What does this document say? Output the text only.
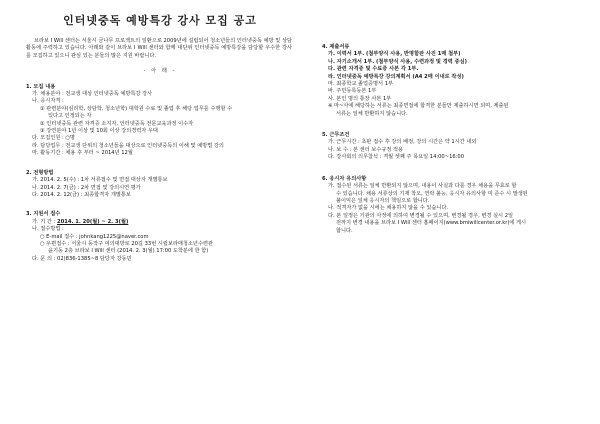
인터넷중독 예방특강 강사 모집 공고
브라보 I Will 센터는 서울시 금나무 프로젝트의 일환으로 2009년에 설립되어 청소년들의 인터넷중독 예방 및 상담 활동에 주력하고 있습니다. 아래와 같이 브라보 I Will 센터와 함께 대단위 인터넷중독 예방특강을 담당할 우수한 강사를 모집하고 있으니 관심 있는 분들의 많은 지원 바랍니다.
- 아 래 -
1. 모집 내용
가. 채용분야 : 전교생 대상 인터넷중독 예방특강 강사
나. 응시자격 :
① 관련분야(심리학, 상담학, 청소년학) 대학원 수료 및 졸업 후 해당 업무를 수행할 수
있다고 인정되는 자
② 인터넷중독 관련 자격증 소지자, 인터넷중독 전문교육과정 이수자
③ 강연분야 1년 이상 및 10회 이상 강의경력자 우대
다. 모집인원 : ○명
라. 담당업무 : 전교생 단위의 청소년들을 대상으로 인터넷중독의 이해 및 예방법 강의
마. 활동기간 : 채용 후 부터 ~ 2014년 12월
2. 전형방법
가. 2014. 2. 5(수) : 1차 서류접수 및 면접 대상자 개별통보
나. 2014. 2. 7(금) : 2차 면접 및 강의시연 평가
다. 2014. 2. 12(금) : 최종합격자 개별통보
3. 지원서 접수
가. 기 간 : 2014. 1. 20(월) ~ 2. 3(월)
나. 접수방법 :
○ E-mail 접수 : johnkang1225@naver.com
○ 우편접수 : 서울시 동작구 여의대방로 20길 33번 시립보라매청소년수련관
윤기동 2층 브라보 I Will 센터 (2014. 2. 3(월) 17:00 도착분에 한 함)
다. 문 의 : 02)836-1385~8 담당자 강동민
4. 제출서류
가. 이력서 1부. (첨부양식 사용, 반명함판 사진 1매 첨부)
나. 자기소개서 1부. (첨부양식 사용, 수련과정 및 경력 중심)
다. 관련 자격증 및 수료증 사본 각 1부.
라. 인터넷중독 예방특강 강의계획서 (A4 2매 이내로 작성)
마. 최종학교 졸업증명서 1부
바. 주민등록등본 1부
사. 본인 명의 통장 사본 1부
※ 마~사에 해당하는 서류는 최종면접에 합격한 분들만 제출하시면 되며, 제출된
서류는 일체 반환하지 않습니다.
5. 근무조건
가. 근무시간 : 초판 접수 후 강의 배정, 강의 시간은 약 1시간 내외
나. 보 수 : 본 센터 보수규정 적용
다. 강사회의 의무참석 : 격월 셋째 주 목요일 14:00~16:00
6. 응시자 유의사항
가. 접수된 서류는 일체 반환되지 않으며, 내용이 사실과 다를 경우 채용을 무효로 할
수 있습니다. 채용 서류상의 기재 착오, 연락 불능, 응시자 유의사항 미 준수 시 발생된
불이익은 일체 응시자의 책임으로 합니다.
나. 적격자가 없을 시에는 채용하지 않을 수 있습니다.
다. 본 일정은 기관의 사정에 의하여 변경될 수 있으며, 변경될 경우, 변경 실시 2일
전까지 변경 내용을 브라보 I Will 센터 홈페이지(www.bmiwillcenter.or.kr)에 게시
합니다.
